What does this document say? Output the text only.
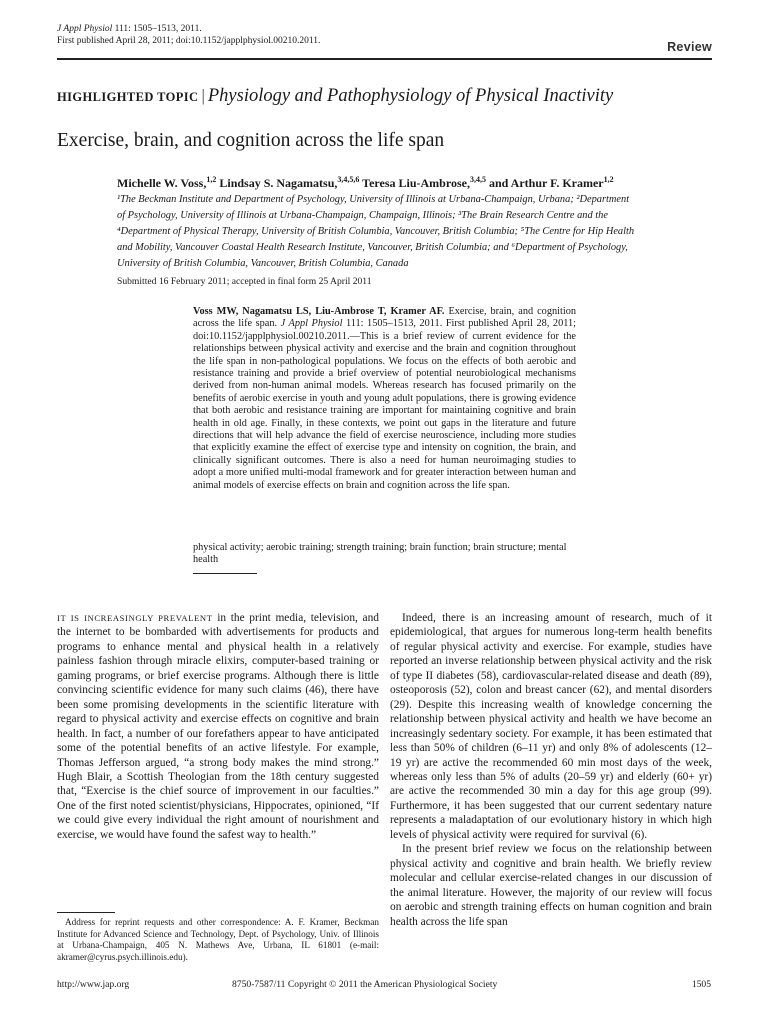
J Appl Physiol 111: 1505–1513, 2011.
First published April 28, 2011; doi:10.1152/japplphysiol.00210.2011.	Review
HIGHLIGHTED TOPIC | Physiology and Pathophysiology of Physical Inactivity
Exercise, brain, and cognition across the life span
Michelle W. Voss,$^{1,2}$ Lindsay S. Nagamatsu,$^{3,4,5,6}$ Teresa Liu-Ambrose,$^{3,4,5}$ and Arthur F. Kramer$^{1,2}$
¹The Beckman Institute and Department of Psychology, University of Illinois at Urbana-Champaign, Urbana; ²Department
of Psychology, University of Illinois at Urbana-Champaign, Champaign, Illinois; ³The Brain Research Centre and the
⁴Department of Physical Therapy, University of British Columbia, Vancouver, British Columbia; ⁵The Centre for Hip Health
and Mobility, Vancouver Coastal Health Research Institute, Vancouver, British Columbia; and ⁶Department of Psychology,
University of British Columbia, Vancouver, British Columbia, Canada
Submitted 16 February 2011; accepted in final form 25 April 2011
Voss MW, Nagamatsu LS, Liu-Ambrose T, Kramer AF. Exercise, brain, and cognition across the life span. J Appl Physiol 111: 1505–1513, 2011. First published April 28, 2011; doi:10.1152/japplphysiol.00210.2011.—This is a brief review of current evidence for the relationships between physical activity and exercise and the brain and cognition throughout the life span in non-pathological populations. We focus on the effects of both aerobic and resistance training and provide a brief overview of potential neurobiological mechanisms derived from non-human animal models. Whereas research has focused primarily on the benefits of aerobic exercise in youth and young adult populations, there is growing evidence that both aerobic and resistance training are important for maintaining cognitive and brain health in old age. Finally, in these contexts, we point out gaps in the literature and future directions that will help advance the field of exercise neuroscience, including more studies that explicitly examine the effect of exercise type and intensity on cognition, the brain, and clinically significant outcomes. There is also a need for human neuroimaging studies to adopt a more unified multi-modal framework and for greater interaction between human and animal models of exercise effects on brain and cognition across the life span.
physical activity; aerobic training; strength training; brain function; brain structure; mental health

IT IS INCREASINGLY PREVALENT in the print media, television, and the internet to be bombarded with advertisements for products and programs to enhance mental and physical health in a relatively painless fashion through miracle elixirs, computer-based training or gaming programs, or brief exercise programs. Although there is little convincing scientific evidence for many such claims (46), there have been some promising developments in the scientific literature with regard to physical activity and exercise effects on cognitive and brain health. In fact, a number of our forefathers appear to have anticipated some of the potential benefits of an active lifestyle. For example, Thomas Jefferson argued, “a strong body makes the mind strong.” Hugh Blair, a Scottish Theologian from the 18th century suggested that, “Exercise is the chief source of improvement in our faculties.” One of the first noted scientist/physicians, Hippocrates, opinioned, “If we could give every individual the right amount of nourishment and exercise, we would have found the safest way to health.”

Indeed, there is an increasing amount of research, much of it epidemiological, that argues for numerous long-term health benefits of regular physical activity and exercise. For example, studies have reported an inverse relationship between physical activity and the risk of type II diabetes (58), cardiovascular-related disease and death (89), osteoporosis (52), colon and breast cancer (62), and mental disorders (29). Despite this increasing wealth of knowledge concerning the relationship between physical activity and health we have become an increasingly sedentary society. For example, it has been estimated that less than 50% of children (6–11 yr) and only 8% of adolescents (12–19 yr) are active the recommended 60 min most days of the week, whereas only less than 5% of adults (20–59 yr) and elderly (60+ yr) are active the recommended 30 min a day for this age group (99). Furthermore, it has been suggested that our current sedentary nature represents a maladaptation of our evolutionary history in which high levels of physical activity were required for survival (6).

In the present brief review we focus on the relationship between physical activity and cognitive and brain health. We briefly review molecular and cellular exercise-related changes in our discussion of the animal literature. However, the majority of our review will focus on aerobic and strength training effects on human cognition and brain health across the life span

Address for reprint requests and other correspondence: A. F. Kramer, Beckman Institute for Advanced Science and Technology, Dept. of Psychology, Univ. of Illinois at Urbana-Champaign, 405 N. Mathews Ave, Urbana, IL 61801 (e-mail: akramer@cyrus.psych.illinois.edu).
http://www.jap.org	8750-7587/11 Copyright © 2011 the American Physiological Society	1505
